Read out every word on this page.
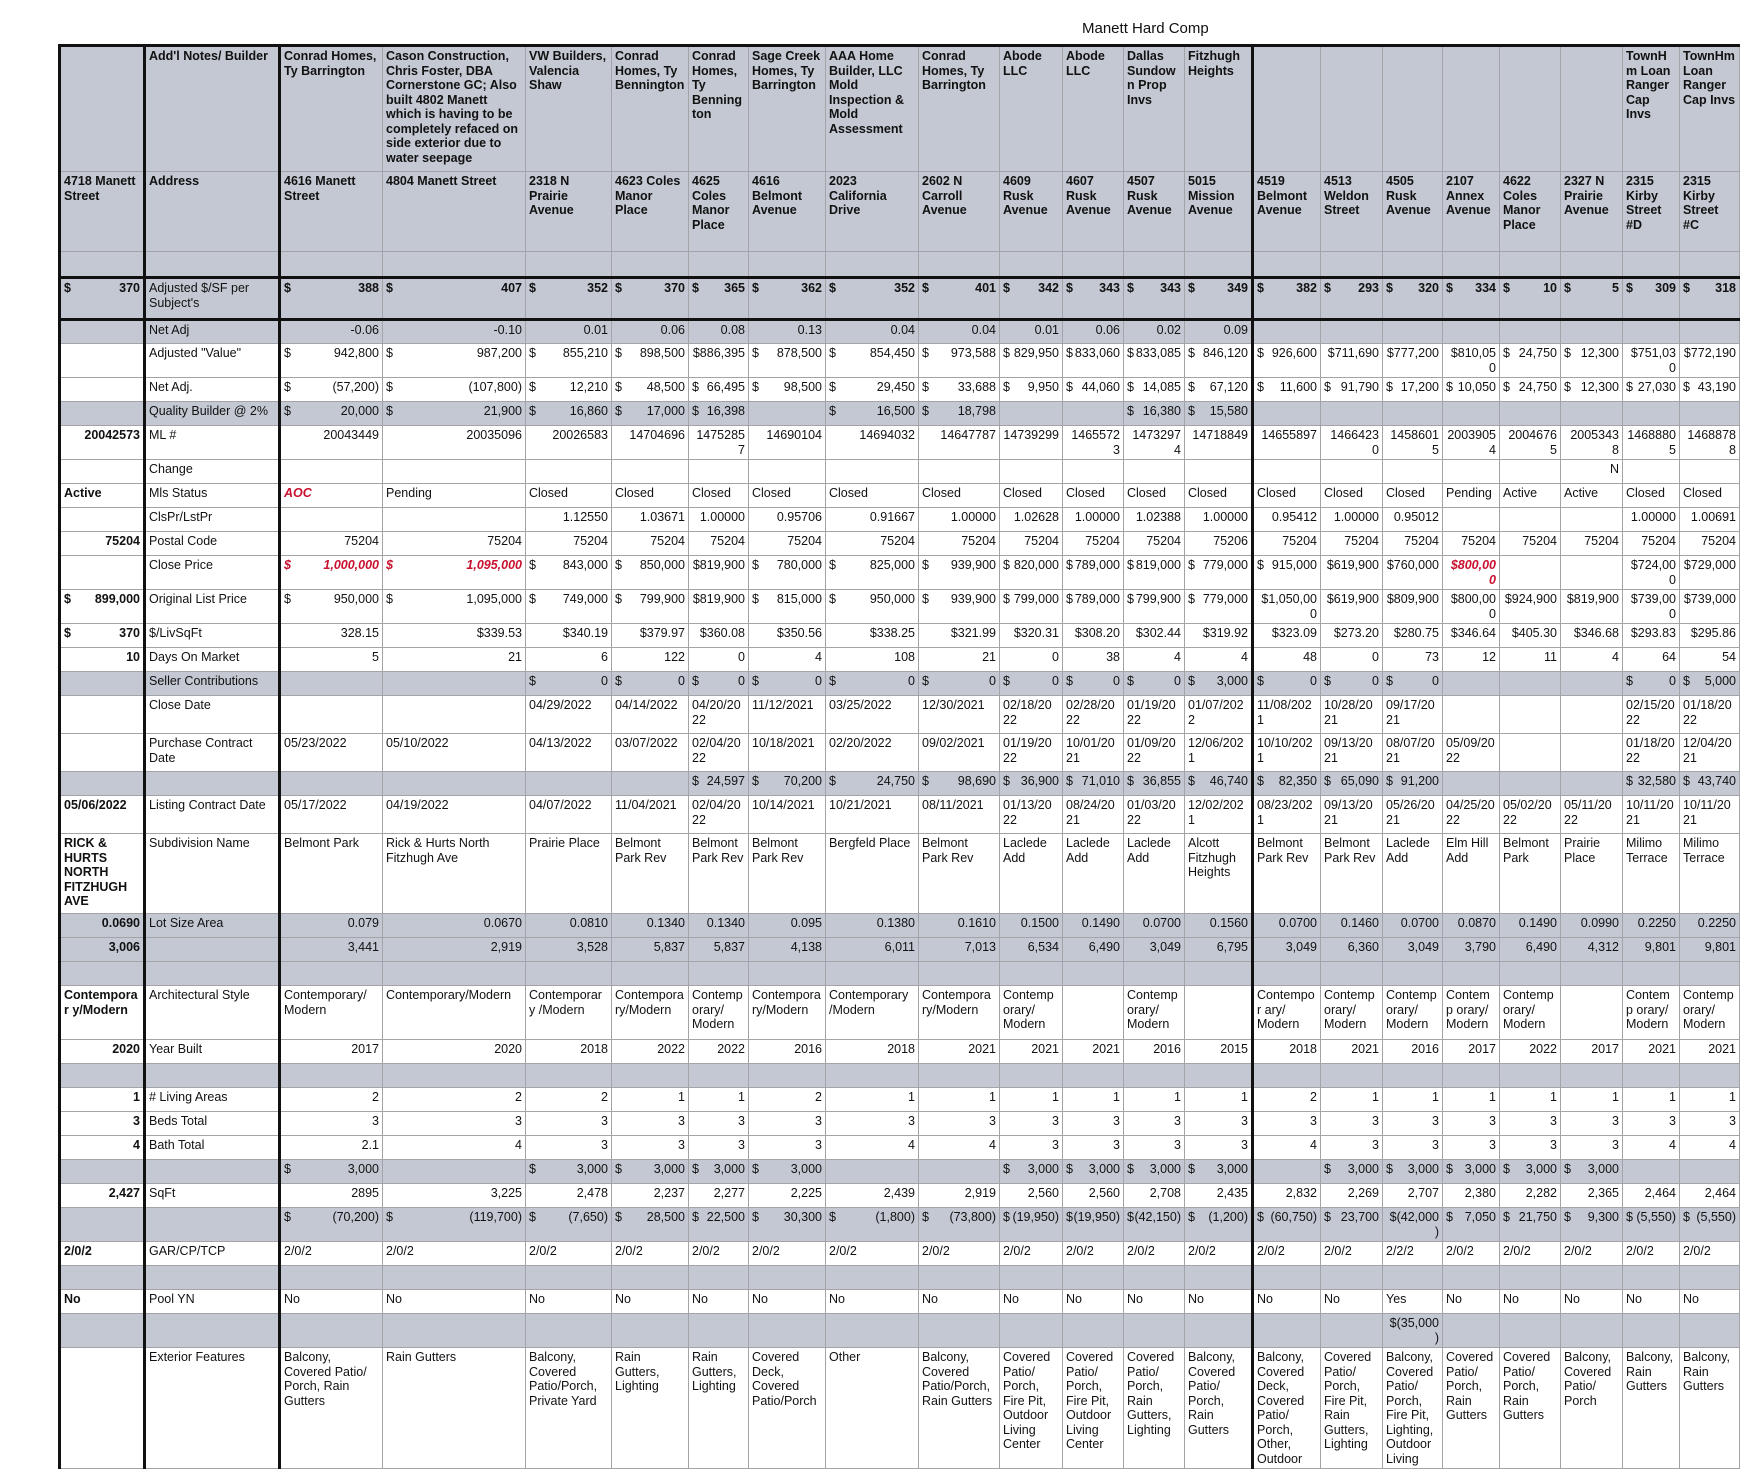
Manett Hard Comp
	Add'l Notes/ Builder	Conrad Homes, Ty Barrington	Cason Construction, Chris Foster, DBA Cornerstone GC; Also built 4802 Manett which is having to be completely refaced on side exterior due to water seepage	VW Builders, Valencia Shaw	Conrad Homes, Ty Bennington	Conrad Homes, Ty Benning ton	Sage Creek Homes, Ty Barrington	AAA Home Builder, LLC Mold Inspection & Mold Assessment	Conrad Homes, Ty Barrington	Abode LLC	Abode LLC	Dallas Sundown Prop Invs	Fitzhugh Heights							TownHm Loan Ranger Cap Invs	TownHm Loan Ranger Cap Invs
4718 Manett Street	Address	4616 Manett Street	4804 Manett Street	2318 N Prairie Avenue	4623 Coles Manor Place	4625 Coles Manor Place	4616 Belmont Avenue	2023 California Drive	2602 N Carroll Avenue	4609 Rusk Avenue	4607 Rusk Avenue	4507 Rusk Avenue	5015 Mission Avenue	4519 Belmont Avenue	4513 Weldon Street	4505 Rusk Avenue	2107 Annex Avenue	4622 Coles Manor Place	2327 N Prairie Avenue	2315 Kirby Street #D	2315 Kirby Street #C

$ 370	Adjusted $/SF per Subject's	$ 388	$ 407	$ 352	$ 370	$ 365	$ 362	$ 352	$ 401	$ 342	$ 343	$ 343	$ 349	$ 382	$ 293	$ 320	$ 334	$ 10	$ 5	$ 309	$ 318
	Net Adj	-0.06	-0.10	0.01	0.06	0.08	0.13	0.04	0.04	0.01	0.06	0.02	0.09								
	Adjusted "Value"	$ 942,800	$ 987,200	$ 855,210	$ 898,500	$886,395	$ 878,500	$ 854,450	$ 973,588	$ 829,950	$ 833,060	$ 833,085	$ 846,120	$ 926,600	$711,690	$777,200	$810,050	$ 24,750	$ 12,300	$751,030	$772,190
	Net Adj.	$ (57,200)	$ (107,800)	$ 12,210	$ 48,500	$ 66,495	$ 98,500	$ 29,450	$ 33,688	$ 9,950	$ 44,060	$ 14,085	$ 67,120	$ 11,600	$ 91,790	$ 17,200	$ 10,050	$ 24,750	$ 12,300	$ 27,030	$ 43,190
	Quality Builder @ 2%	$ 20,000	$ 21,900	$ 16,860	$ 17,000	$ 16,398		$ 16,500	$ 18,798			$ 16,380	$ 15,580								
20042573	ML #	20043449	20035096	20026583	14704696	14752857	14690104	14694032	14647787	14739299	14655723	14732974	14718849	14655897	14664230	14586015	20039054	20046765	20053438	14688805	14688788
	Change																		N		
Active	Mls Status	AOC	Pending	Closed	Closed	Closed	Closed	Closed	Closed	Closed	Closed	Closed	Closed	Closed	Closed	Closed	Pending	Active	Active	Closed	Closed
	ClsPr/LstPr			1.12550	1.03671	1.00000	0.95706	0.91667	1.00000	1.02628	1.00000	1.02388	1.00000	0.95412	1.00000	0.95012				1.00000	1.00691
75204	Postal Code	75204	75204	75204	75204	75204	75204	75204	75204	75204	75204	75204	75206	75204	75204	75204	75204	75204	75204	75204	75204
	Close Price	$ 1,000,000	$ 1,095,000	$ 843,000	$ 850,000	$819,900	$ 780,000	$ 825,000	$ 939,900	$ 820,000	$ 789,000	$ 819,000	$ 779,000	$ 915,000	$619,900	$760,000	$800,000			$724,000	$729,000

$ 899,000	Original List Price	$ 950,000	$ 1,095,000	$ 749,000	$ 799,900	$819,900	$ 815,000	$ 950,000	$ 939,900	$ 799,000	$ 789,000	$ 799,900	$ 779,000	$1,050,000	$619,900	$809,900	$800,000	$924,900	$819,900	$739,000	$739,000

$ 370	$/LivSqFt	328.15	$339.53	$340.19	$379.97	$360.08	$350.56	$338.25	$321.99	$320.31	$308.20	$302.44	$319.92	$323.09	$273.20	$280.75	$346.64	$405.30	$346.68	$293.83	$295.86
10	Days On Market	5	21	6	122	0	4	108	21	0	38	4	4	48	0	73	12	11	4	64	54
	Seller Contributions			$ 0	$ 0	$ 0	$ 0	$ 0	$ 0	$ 0	$ 0	$ 0	$ 3,000	$ 0	$ 0	$ 0				$ 0	$ 5,000
	Close Date			04/29/2022	04/14/2022	04/20/20 22	11/12/2021	03/25/2022	12/30/2021	02/18/20 22	02/28/20 22	01/19/20 22	01/07/202 2	11/08/2021	10/28/20 21	09/17/20 21				02/15/20 22	01/18/20 22
	Purchase Contract Date	05/23/2022	05/10/2022	04/13/2022	03/07/2022	02/04/20 22	10/18/2021	02/20/2022	09/02/2021	01/19/20 22	10/01/20 21	01/09/20 22	12/06/202 1	10/10/2021	09/13/20 21	08/07/20 21	05/09/20 22			01/18/20 22	12/04/20 21

						$ 24,597	$ 70,200	$ 24,750	$ 98,690	$ 36,900	$ 71,010	$ 36,855	$ 46,740	$ 82,350	$ 65,090	$ 91,200				$ 32,580	$ 43,740
05/06/2022	Listing Contract Date	05/17/2022	04/19/2022	04/07/2022	11/04/2021	02/04/20 22	10/14/2021	10/21/2021	08/11/2021	01/13/20 22	08/24/20 21	01/03/20 22	12/02/202 1	08/23/2021	09/13/20 21	05/26/20 21	04/25/20 22	05/02/20 22	05/11/20 22	10/11/20 21	10/11/20 21
RICK & HURTS NORTH FITZHUGH AVE	Subdivision Name	Belmont Park	Rick & Hurts North Fitzhugh Ave	Prairie Place	Belmont Park Rev	Belmont Park Rev	Belmont Park Rev	Bergfeld Place	Belmont Park Rev	Laclede Add	Laclede Add	Laclede Add	Alcott Fitzhugh Heights	Belmont Park Rev	Belmont Park Rev	Laclede Add	Elm Hill Add	Belmont Park	Prairie Place	Milimo Terrace	Milimo Terrace
0.0690	Lot Size Area	0.079	0.0670	0.0810	0.1340	0.1340	0.095	0.1380	0.1610	0.1500	0.1490	0.0700	0.1560	0.0700	0.1460	0.0700	0.0870	0.1490	0.0990	0.2250	0.2250
3,006		3,441	2,919	3,528	5,837	5,837	4,138	6,011	7,013	6,534	6,490	3,049	6,795	3,049	6,360	3,049	3,790	6,490	4,312	9,801	9,801

Contemporar y/Modern	Architectural Style	Contemporary/ Modern	Contemporary/Modern	Contemporary /Modern	Contempora ry/Modern	Contemp orary/ Modern	Contempora ry/Modern	Contemporary /Modern	Contempora ry/Modern	Contemp orary/ Modern		Contemp orary/ Modern		Contempor ary/ Modern	Contemp orary/ Modern	Contemp orary/ Modern	Contemp orary/ Modern	Contemp orary/ Modern		Contemp orary/ Modern	Contemp orary/ Modern
2020	Year Built	2017	2020	2018	2022	2022	2016	2018	2021	2021	2021	2016	2015	2018	2021	2016	2017	2022	2017	2021	2021

1	# Living Areas	2	2	2	1	1	2	1	1	1	1	1	1	2	1	1	1	1	1	1	1
3	Beds Total	3	3	3	3	3	3	3	3	3	3	3	3	3	3	3	3	3	3	3	3
4	Bath Total	2.1	4	3	3	3	3	4	4	3	3	3	3	4	3	3	3	3	3	4	4

		$ 3,000		$ 3,000	$ 3,000	$ 3,000	$ 3,000			$ 3,000	$ 3,000	$ 3,000	$ 3,000		$ 3,000	$ 3,000	$ 3,000	$ 3,000	$ 3,000		
2,427	SqFt	2895	3,225	2,478	2,237	2,277	2,225	2,439	2,919	2,560	2,560	2,708	2,435	2,832	2,269	2,707	2,380	2,282	2,365	2,464	2,464

		$ (70,200)	$ (119,700)	$ (7,650)	$ 28,500	$ 22,500	$ 30,300	$ (1,800)	$ (73,800)	$ (19,950)	$ (19,950)	$ (42,150)	$ (1,200)	$ (60,750)	$ 23,700	$(42,000)	$ 7,050	$ 21,750	$ 9,300	$ (5,550)	$ (5,550)
2/0/2	GAR/CP/TCP	2/0/2	2/0/2	2/0/2	2/0/2	2/0/2	2/0/2	2/0/2	2/0/2	2/0/2	2/0/2	2/0/2	2/0/2	2/0/2	2/0/2	2/2/2	2/0/2	2/0/2	2/0/2	2/0/2	2/0/2

No	Pool YN	No	No	No	No	No	No	No	No	No	No	No	No	No	No	Yes	No	No	No	No	No
																$(35,000)					
	Exterior Features	Balcony, Covered Patio/ Porch, Rain Gutters	Rain Gutters	Balcony, Covered Patio/Porch, Private Yard	Rain Gutters, Lighting	Rain Gutters, Lighting	Covered Deck, Covered Patio/Porch	Other	Balcony, Covered Patio/Porch, Rain Gutters	Covered Patio/ Porch, Fire Pit, Outdoor Living Center	Covered Patio/ Porch, Fire Pit, Outdoor Living Center	Covered Patio/ Porch, Rain Gutters, Lighting	Balcony, Covered Patio/ Porch, Rain Gutters	Balcony, Covered Deck, Covered Patio/ Porch, Other, Outdoor	Covered Patio/ Porch, Fire Pit, Rain Gutters, Lighting	Balcony, Covered Patio/ Porch, Fire Pit, Lighting, Outdoor Living	Covered Patio/ Porch, Rain Gutters	Covered Patio/ Porch, Rain Gutters	Balcony, Covered Patio/ Porch	Balcony, Rain Gutters	Balcony, Rain Gutters
